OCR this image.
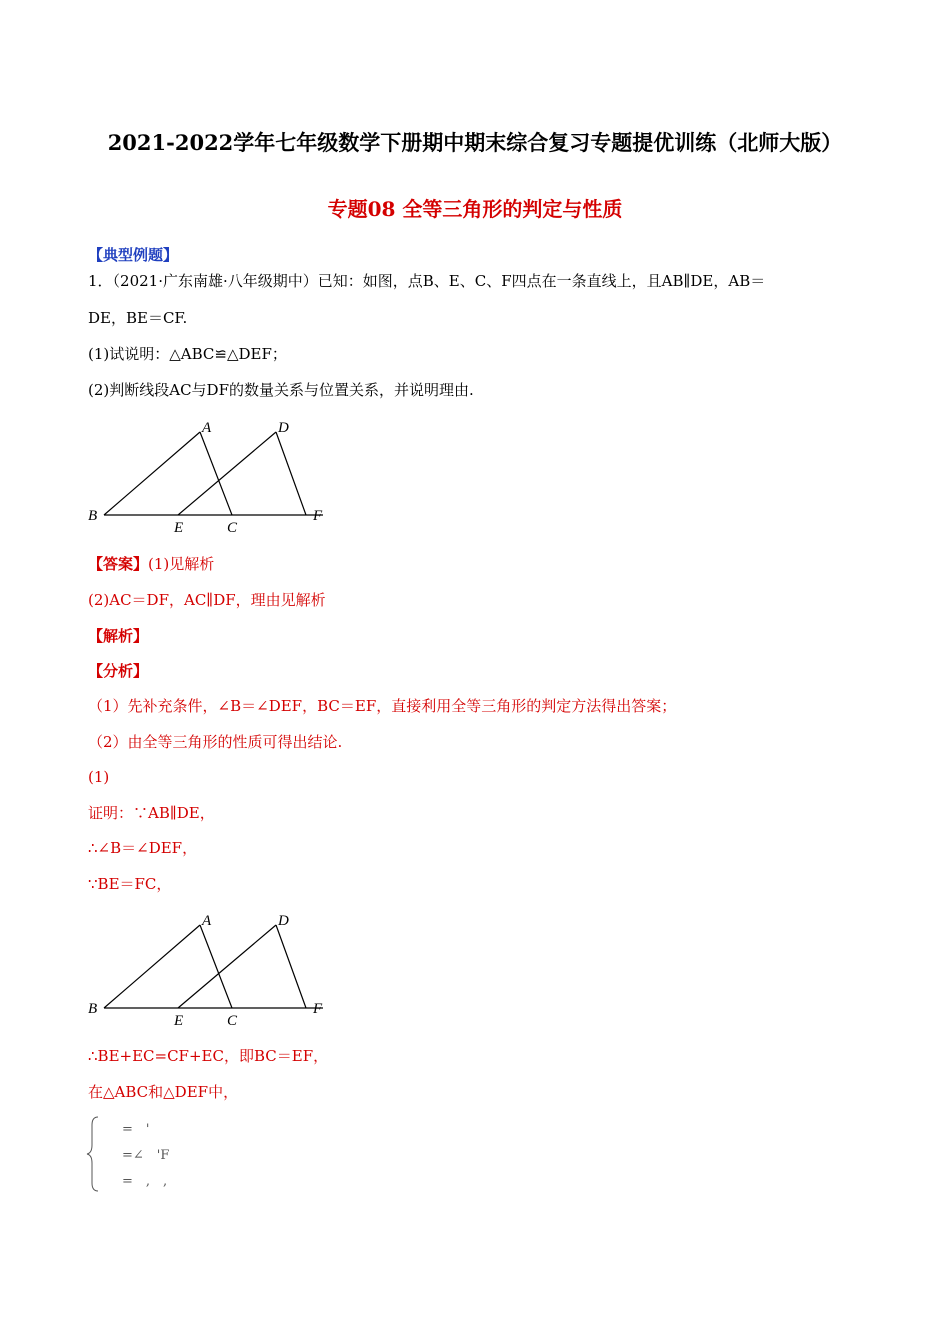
2021-2022学年七年级数学下册期中期末综合复习专题提优训练（北师大版）
专题08 全等三角形的判定与性质
【典型例题】
1．（2021·广东南雄·八年级期中）已知：如图，点B、E、C、F四点在一条直线上，且AB∥DE，AB＝
DE，BE＝CF.
(1)试说明：△ABC≌△DEF；
(2)判断线段AC与DF的数量关系与位置关系，并说明理由.
A	D
B
E	C
F
【答案】(1)见解析
(2)AC＝DF，AC∥DF，理由见解析
【解析】
【分析】
（1）先补充条件，∠B＝∠DEF，BC＝EF，直接利用全等三角形的判定方法得出答案；
（2）由全等三角形的性质可得出结论.
(1)
证明：∵AB∥DE，
∴∠B＝∠DEF，
∵BE＝FC，
A	D
B
E	C
F
∴BE+EC=CF+EC，即BC＝EF，
在△ABC和△DEF中，
=　'
=∠　'F
=　,　,
